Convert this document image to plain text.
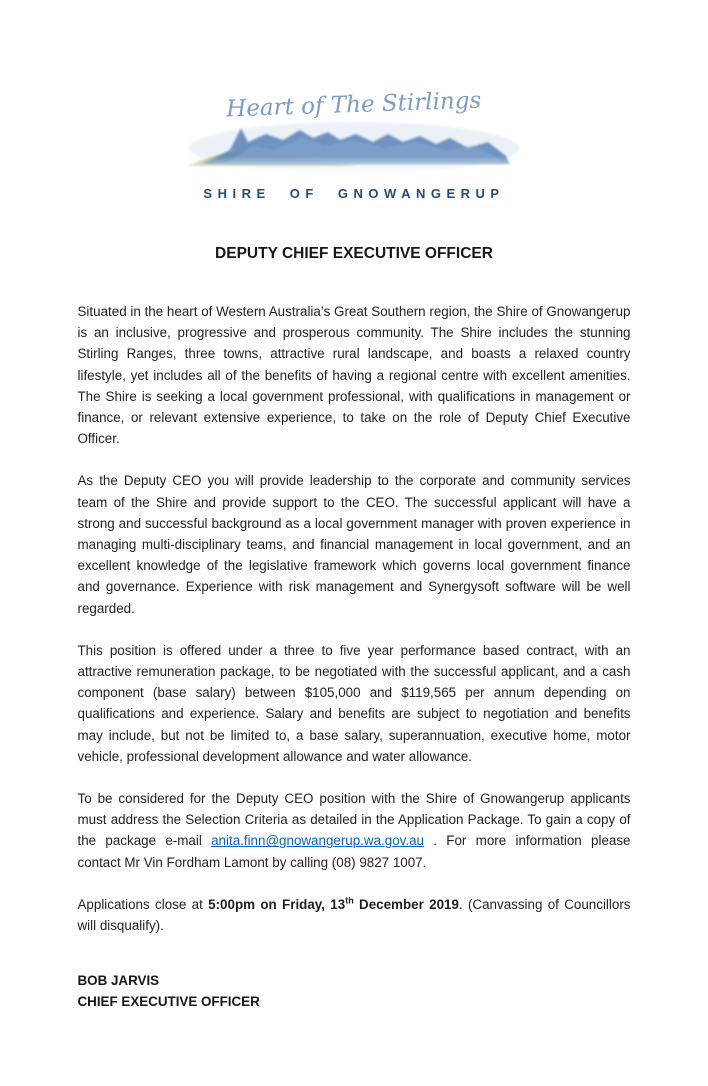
Heart of The Stirlings
SHIRE OF GNOWANGERUP
DEPUTY CHIEF EXECUTIVE OFFICER

Situated in the heart of Western Australia’s Great Southern region, the Shire of Gnowangerup is an inclusive, progressive and prosperous community. The Shire includes the stunning Stirling Ranges, three towns, attractive rural landscape, and boasts a relaxed country lifestyle, yet includes all of the benefits of having a regional centre with excellent amenities. The Shire is seeking a local government professional, with qualifications in management or finance, or relevant extensive experience, to take on the role of Deputy Chief Executive Officer.

As the Deputy CEO you will provide leadership to the corporate and community services team of the Shire and provide support to the CEO. The successful applicant will have a strong and successful background as a local government manager with proven experience in managing multi-disciplinary teams, and financial management in local government, and an excellent knowledge of the legislative framework which governs local government finance and governance. Experience with risk management and Synergysoft software will be well regarded.

This position is offered under a three to five year performance based contract, with an attractive remuneration package, to be negotiated with the successful applicant, and a cash component (base salary) between $105,000 and $119,565 per annum depending on qualifications and experience. Salary and benefits are subject to negotiation and benefits may include, but not be limited to, a base salary, superannuation, executive home, motor vehicle, professional development allowance and water allowance.

To be considered for the Deputy CEO position with the Shire of Gnowangerup applicants must address the Selection Criteria as detailed in the Application Package. To gain a copy of the package e-mail anita.finn@gnowangerup.wa.gov.au . For more information please contact Mr Vin Fordham Lamont by calling (08) 9827 1007.

Applications close at 5:00pm on Friday, 13th December 2019. (Canvassing of Councillors will disqualify).

BOB JARVIS
CHIEF EXECUTIVE OFFICER
